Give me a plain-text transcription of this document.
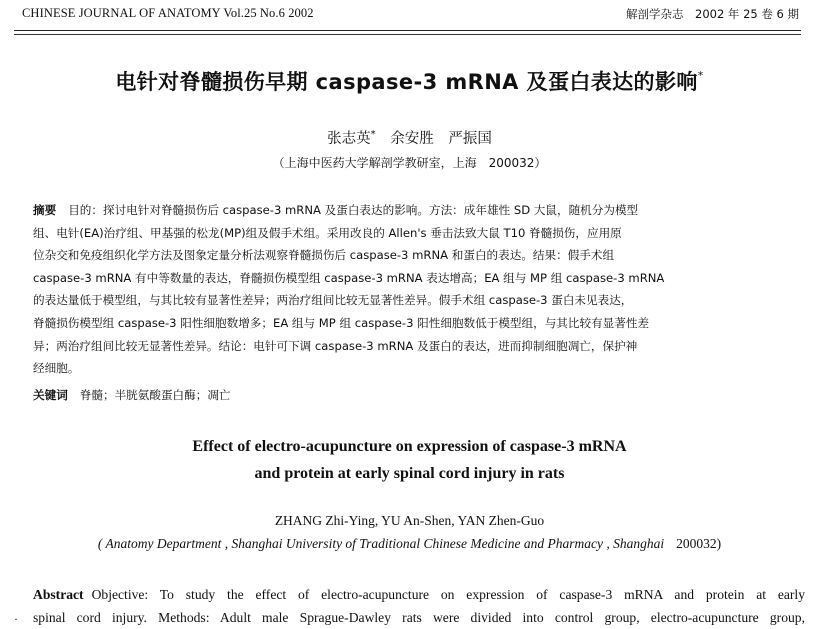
CHINESE JOURNAL OF ANATOMY Vol.25 No.6 2002	解剖学杂志　2002 年 25 卷 6 期
电针对脊髓损伤早期 caspase-3 mRNA 及蛋白表达的影响*
张志英* 余安胜 严振国
（上海中医药大学解剖学教研室，上海　200032）
摘要 目的：探讨电针对脊髓损伤后 caspase-3 mRNA 及蛋白表达的影响。方法：成年雄性 SD 大鼠，随机分为模型
组、电针(EA)治疗组、甲基强的松龙(MP)组及假手术组。采用改良的 Allen's 垂击法致大鼠 T10 脊髓损伤，应用原
位杂交和免疫组织化学方法及图象定量分析法观察脊髓损伤后 caspase-3 mRNA 和蛋白的表达。结果：假手术组
caspase-3 mRNA 有中等数量的表达，脊髓损伤模型组 caspase-3 mRNA 表达增高；EA 组与 MP 组 caspase-3 mRNA
的表达量低于模型组，与其比较有显著性差异；两治疗组间比较无显著性差异。假手术组 caspase-3 蛋白未见表达，
脊髓损伤模型组 caspase-3 阳性细胞数增多；EA 组与 MP 组 caspase-3 阳性细胞数低于模型组，与其比较有显著性差
异；两治疗组间比较无显著性差异。结论：电针可下调 caspase-3 mRNA 及蛋白的表达，进而抑制细胞凋亡，保护神
经细胞。
关键词 脊髓；半胱氨酸蛋白酶；凋亡
Effect of electro-acupuncture on expression of caspase-3 mRNA
and protein at early spinal cord injury in rats
ZHANG Zhi-Ying, YU An-Shen, YAN Zhen-Guo
( Anatomy Department , Shanghai University of Traditional Chinese Medicine and Pharmacy , Shanghai 200032)
·
Abstract Objective: To study the effect of electro-acupuncture on expression of caspase-3 mRNA and protein at early
spinal cord injury. Methods: Adult male Sprague-Dawley rats were divided into control group, electro-acupuncture group,
